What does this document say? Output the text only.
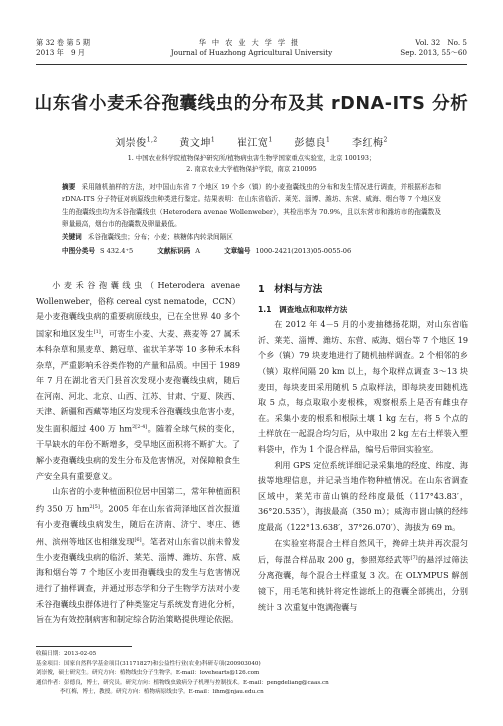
第 32 卷 第 5 期
2013 年　9 月
华中农业大学学报
Journal of Huazhong Agricultural University
Vol. 32　No. 5
Sep. 2013, 55～60
山东省小麦禾谷孢囊线虫的分布及其 rDNA-ITS 分析
刘崇俊$^{1,2}$ 黄文坤$^1$ 崔江宽$^1$ 彭德良$^1$ 李红梅$^2$
1. 中国农业科学院植物保护研究所/植物病虫害生物学国家重点实验室，北京 100193；
2. 南京农业大学植物保护学院，南京 210095
摘要 采用随机抽样的方法，对中国山东省 7 个地区 19 个乡（镇）的小麦孢囊线虫的分布和发生情况进行调查，并根据形态和 rDNA-ITS 分子特征对病原线虫种类进行鉴定。结果表明：在山东省临沂、莱芜、淄博、潍坊、东营、威海、烟台等 7 个地区发生的孢囊线虫均为禾谷孢囊线虫（Heterodera avenae Wollenweber），其检出率为 70.9%，且以东营市和潍坊市的孢囊数及卵量最高，烟台市的孢囊数及卵量最低。
关键词 禾谷孢囊线虫；分布；小麦；核糖体内转录间隔区
中图分类号 S 432.4⁺5	文献标识码 A	文章编号 1000-2421(2013)05-0055-06

小麦禾谷孢囊线虫（Heterodera avenae Wollenweber，俗称 cereal cyst nematode，CCN）是小麦孢囊线虫病的重要病原线虫，已在全世界 40 多个国家和地区发生[1]，可寄生小麦、大麦、燕麦等 27 属禾本科杂草和黑麦草、鹅冠草、雀状羊茅等 10 多种禾本科杂草，严重影响禾谷类作物的产量和品质。中国于 1989 年 7 月在湖北省天门县首次发现小麦孢囊线虫病，随后在河南、河北、北京、山西、江苏、甘肃、宁夏、陕西、天津、新疆和西藏等地区均发现禾谷孢囊线虫危害小麦，发生面积超过 400 万 $hm^{2[2-4]}$。随着全球气候的变化，干旱缺水的年份不断增多，受旱地区面积将不断扩大。了解小麦孢囊线虫病的发生分布及危害情况，对保障粮食生产安全具有重要意义。

山东省的小麦种植面积位居中国第二，常年种植面积约 350 万 $hm^{2[5]}$。2005 年在山东省菏泽地区首次报道有小麦孢囊线虫病发生，随后在济南、济宁、枣庄、德州、滨州等地区也相继发现[6]。笔者对山东省以前未曾发生小麦孢囊线虫病的临沂、莱芜、淄博、潍坊、东营、威海和烟台等 7 个地区小麦田孢囊线虫的发生与危害情况进行了抽样调查，并通过形态学和分子生物学方法对小麦禾谷孢囊线虫群体进行了种类鉴定与系统发育进化分析，旨在为有效控制病害和制定综合防治策略提供理论依据。

1　材料与方法
1.1　调查地点和取样方法

在 2012 年 4－5 月的小麦抽穗扬花期，对山东省临沂、莱芜、淄博、潍坊、东营、威海、烟台等 7 个地区 19 个乡（镇）79 块麦地进行了随机抽样调查。2 个相邻的乡（镇）取样间隔 20 km 以上，每个取样点调查 3～13 块麦田，每块麦田采用随机 5 点取样法，即每块麦田随机选取 5 点，每点取取小麦根株，观察根系上是否有雌虫存在。采集小麦的根系和根际土壤 1 kg 左右，将 5 个点的土样放在一起混合均匀后，从中取出 2 kg 左右土样装入塑料袋中，作为 1 个混合样品，编号后带回实验室。

利用 GPS 定位系统详细记录采集地的经度、纬度、海拔等地理信息，并记录当地作物种植情况。在山东省调查区域中，莱芜市苗山镇的经纬度最低（117°43.83′，36°20.535′），海拔最高（350 m）；威海市崮山镇的经纬度最高（122°13.638′，37°26.070′）、海拔为 69 m。

在实验室将混合土样自然风干，搀碎土块并再次混匀后，每混合样品取 200 g，参照郑经武等[7]的悬浮过筛法分离孢囊，每个混合土样重复 3 次。在 OLYMPUS 解剖镜下，用毛笔和挑针将定性滤纸上的孢囊全部挑出，分别统计 3 次重复中饱满孢囊与

收稿日期：2013-02-05
基金项目：国家自然科学基金项目(31171827)和公益性行业(农业)科研专项(200903040)
刘崇俊，硕士研究生。研究方向：植物线虫分子生物学。E-mail：lovehearts@126.com
通信作者：彭德良，博士，研究员。研究方向：植物线虫致病分子机理与控制技术。E-mail：pengdeliang@caas.cn
李红梅，博士，教授。研究方向：植物病原线虫学。E-mail：lihm@njau.edu.cn
